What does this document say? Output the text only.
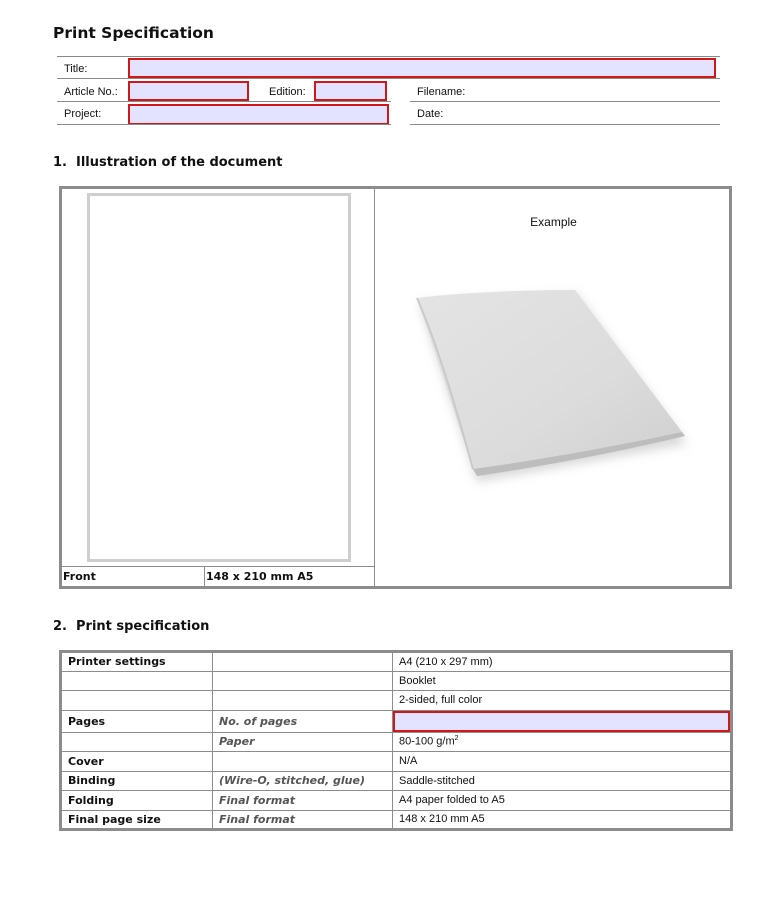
Print Specification
Title:
Article No.:	Edition:	Filename:
Project:	Date:
1. Illustration of the document
Front	148 x 210 mm A5
Example
2. Print specification
Printer settings		A4 (210 x 297 mm)
		Booklet
		2-sided, full color
Pages	No. of pages	

	Paper	80-100 $g/m^2$
Cover		N/A
Binding	(Wire-O, stitched, glue)	Saddle-stitched
Folding	Final format	A4 paper folded to A5
Final page size	Final format	148 x 210 mm A5
